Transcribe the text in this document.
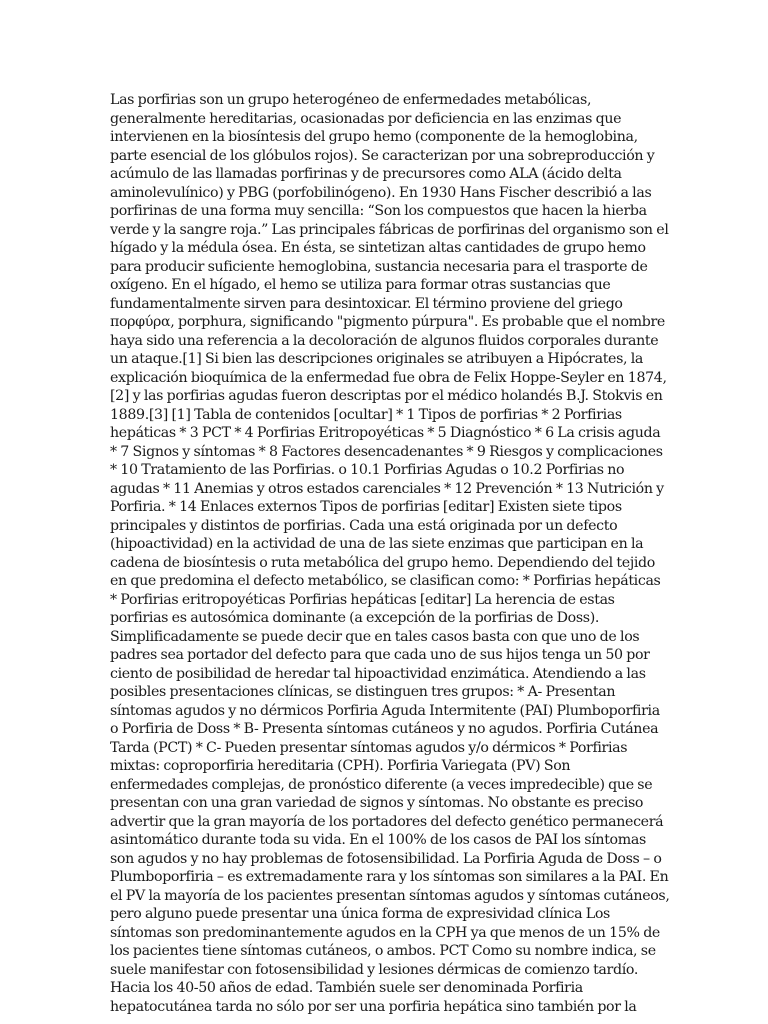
Las porfirias son un grupo heterogéneo de enfermedades metabólicas, generalmente hereditarias, ocasionadas por deficiencia en las enzimas que intervienen en la biosíntesis del grupo hemo (componente de la hemoglobina, parte esencial de los glóbulos rojos). Se caracterizan por una sobreproducción y acúmulo de las llamadas porfirinas y de precursores como ALA (ácido delta aminolevulínico) y PBG (porfobilinógeno). En 1930 Hans Fischer describió a las porfirinas de una forma muy sencilla: “Son los compuestos que hacen la hierba verde y la sangre roja.” Las principales fábricas de porfirinas del organismo son el hígado y la médula ósea. En ésta, se sintetizan altas cantidades de grupo hemo para producir suficiente hemoglobina, sustancia necesaria para el trasporte de oxígeno. En el hígado, el hemo se utiliza para formar otras sustancias que fundamentalmente sirven para desintoxicar. El término proviene del griego πορφύρα, porphura, significando "pigmento púrpura". Es probable que el nombre haya sido una referencia a la decoloración de algunos fluidos corporales durante un ataque.[1] Si bien las descripciones originales se atribuyen a Hipócrates, la explicación bioquímica de la enfermedad fue obra de Felix Hoppe-Seyler en 1874,[2] y las porfirias agudas fueron descriptas por el médico holandés B.J. Stokvis en 1889.[3] [1] Tabla de contenidos [ocultar] * 1 Tipos de porfirias * 2 Porfirias hepáticas * 3 PCT * 4 Porfirias Eritropoyéticas * 5 Diagnóstico * 6 La crisis aguda * 7 Signos y síntomas * 8 Factores desencadenantes * 9 Riesgos y complicaciones * 10 Tratamiento de las Porfirias. o 10.1 Porfirias Agudas o 10.2 Porfirias no agudas * 11 Anemias y otros estados carenciales * 12 Prevención * 13 Nutrición y Porfiria. * 14 Enlaces externos Tipos de porfirias [editar] Existen siete tipos principales y distintos de porfirias. Cada una está originada por un defecto (hipoactividad) en la actividad de una de las siete enzimas que participan en la cadena de biosíntesis o ruta metabólica del grupo hemo. Dependiendo del tejido en que predomina el defecto metabólico, se clasifican como: * Porfirias hepáticas * Porfirias eritropoyéticas Porfirias hepáticas [editar] La herencia de estas porfirias es autosómica dominante (a excepción de la porfirias de Doss). Simplificadamente se puede decir que en tales casos basta con que uno de los padres sea portador del defecto para que cada uno de sus hijos tenga un 50 por ciento de posibilidad de heredar tal hipoactividad enzimática. Atendiendo a las posibles presentaciones clínicas, se distinguen tres grupos: * A- Presentan síntomas agudos y no dérmicos Porfiria Aguda Intermitente (PAI) Plumboporfiria o Porfiria de Doss * B- Presenta síntomas cutáneos y no agudos. Porfiria Cutánea Tarda (PCT) * C- Pueden presentar síntomas agudos y/o dérmicos * Porfirias mixtas: coproporfiria hereditaria (CPH). Porfiria Variegata (PV) Son enfermedades complejas, de pronóstico diferente (a veces impredecible) que se presentan con una gran variedad de signos y síntomas. No obstante es preciso advertir que la gran mayoría de los portadores del defecto genético permanecerá asintomático durante toda su vida. En el 100% de los casos de PAI los síntomas son agudos y no hay problemas de fotosensibilidad. La Porfiria Aguda de Doss – o Plumboporfiria – es extremadamente rara y los síntomas son similares a la PAI. En el PV la mayoría de los pacientes presentan síntomas agudos y síntomas cutáneos, pero alguno puede presentar una única forma de expresividad clínica Los síntomas son predominantemente agudos en la CPH ya que menos de un 15% de los pacientes tiene síntomas cutáneos, o ambos. PCT Como su nombre indica, se suele manifestar con fotosensibilidad y lesiones dérmicas de comienzo tardío. Hacia los 40-50 años de edad. También suele ser denominada Porfiria hepatocutánea tarda no sólo por ser una porfiria hepática sino también por la
